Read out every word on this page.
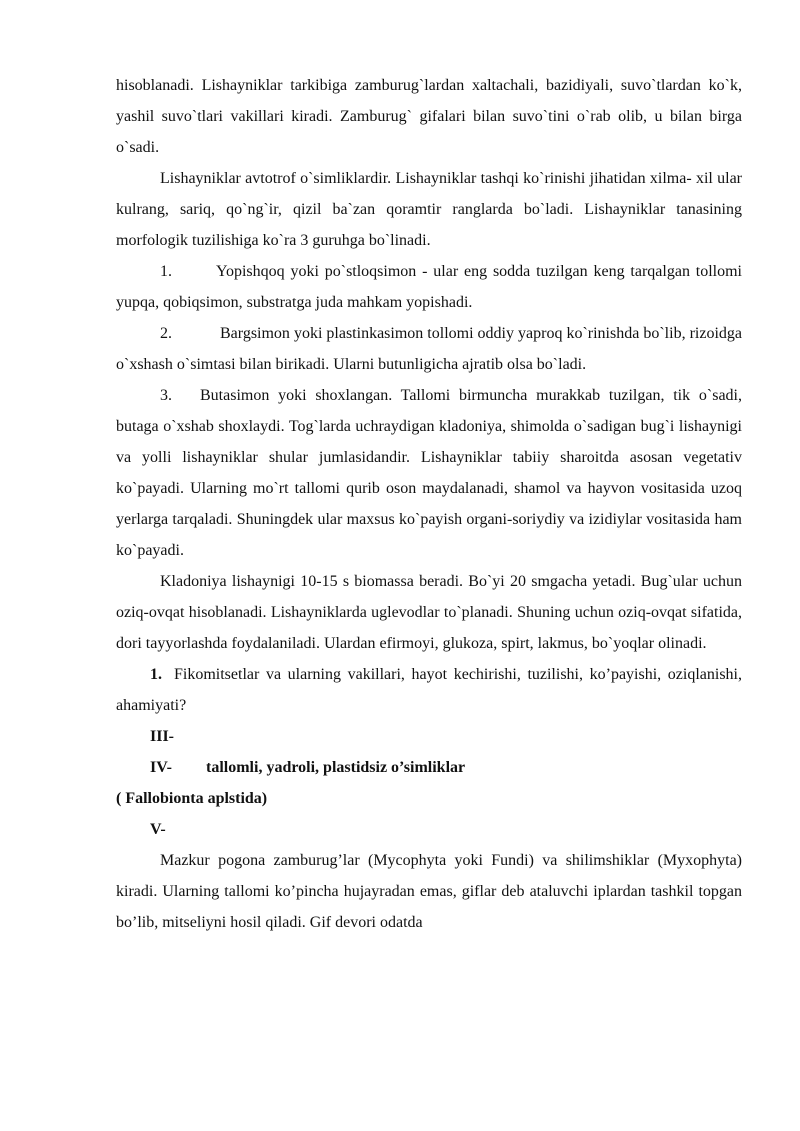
hisoblanadi. Lishayniklar tarkibiga zamburug`lardan xaltachali, bazidiyali, suvo`tlardan ko`k, yashil suvo`tlari vakillari kiradi. Zamburug` gifalari bilan suvo`tini o`rab olib, u bilan birga o`sadi.

Lishayniklar avtotrof o`simliklardir. Lishayniklar tashqi ko`rinishi jihatidan xilma- xil ular kulrang, sariq, qo`ng`ir, qizil ba`zan qoramtir ranglarda bo`ladi. Lishayniklar tanasining morfologik tuzilishiga ko`ra 3 guruhga bo`linadi.

1.	Yopishqoq yoki po`stloqsimon - ular eng sodda tuzilgan keng tarqalgan tollomi yupqa, qobiqsimon, substratga juda mahkam yopishadi.

2.	Bargsimon yoki plastinkasimon tollomi oddiy yaproq ko`rinishda bo`lib, rizoidga o`xshash o`simtasi bilan birikadi. Ularni butunligicha ajratib olsa bo`ladi.

3. Butasimon yoki shoxlangan. Tallomi birmuncha murakkab tuzilgan, tik o`sadi, butaga o`xshab shoxlaydi. Tog`larda uchraydigan kladoniya, shimolda o`sadigan bug`i lishaynigi va yolli lishayniklar shular jumlasidandir. Lishayniklar tabiiy sharoitda asosan vegetativ ko`payadi. Ularning mo`rt tallomi qurib oson maydalanadi, shamol va hayvon vositasida uzoq yerlarga tarqaladi. Shuningdek ular maxsus ko`payish organi-soriydiy va izidiylar vositasida ham ko`payadi.

Kladoniya lishaynigi 10-15 s biomassa beradi. Bo`yi 20 smgacha yetadi. Bug`ular uchun oziq-ovqat hisoblanadi. Lishayniklarda uglevodlar to`planadi. Shuning uchun oziq-ovqat sifatida, dori tayyorlashda foydalaniladi. Ulardan efirmoyi, glukoza, spirt, lakmus, bo`yoqlar olinadi.

1. Fikomitsetlar va ularning vakillari, hayot kechirishi, tuzilishi, ko’payishi, oziqlanishi, ahamiyati?

III-

IV- tallomli, yadroli, plastidsiz o’simliklar

( Fallobionta aplstida)

V-

Mazkur pogona zamburug’lar (Mycophyta yoki Fundi) va shilimshiklar (Myxophyta) kiradi. Ularning tallomi ko’pincha hujayradan emas, giflar deb ataluvchi iplardan tashkil topgan bo’lib, mitseliyni hosil qiladi. Gif devori odatda
